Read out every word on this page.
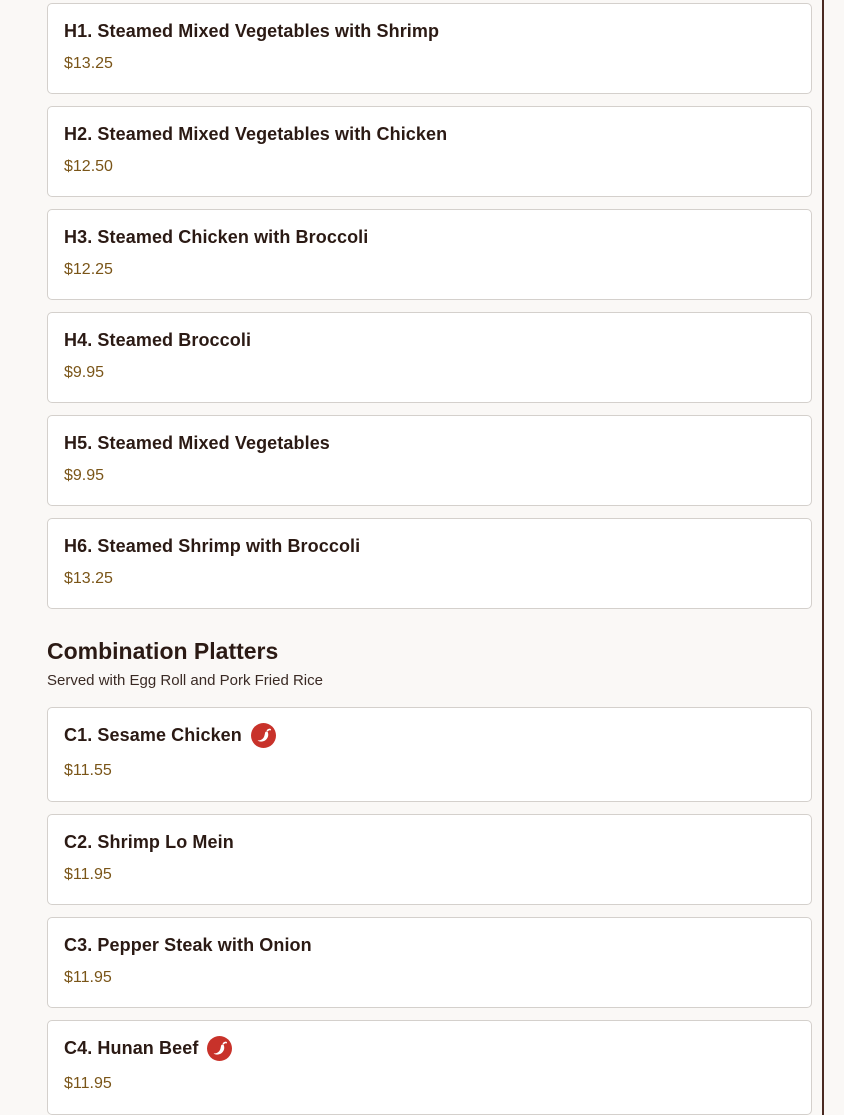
H1. Steamed Mixed Vegetables with Shrimp
$13.25
H2. Steamed Mixed Vegetables with Chicken
$12.50
H3. Steamed Chicken with Broccoli
$12.25
H4. Steamed Broccoli
$9.95
H5. Steamed Mixed Vegetables
$9.95
H6. Steamed Shrimp with Broccoli
$13.25
Combination Platters

Served with Egg Roll and Pork Fried Rice

C1. Sesame Chicken
$11.55
C2. Shrimp Lo Mein
$11.95
C3. Pepper Steak with Onion
$11.95
C4. Hunan Beef
$11.95
